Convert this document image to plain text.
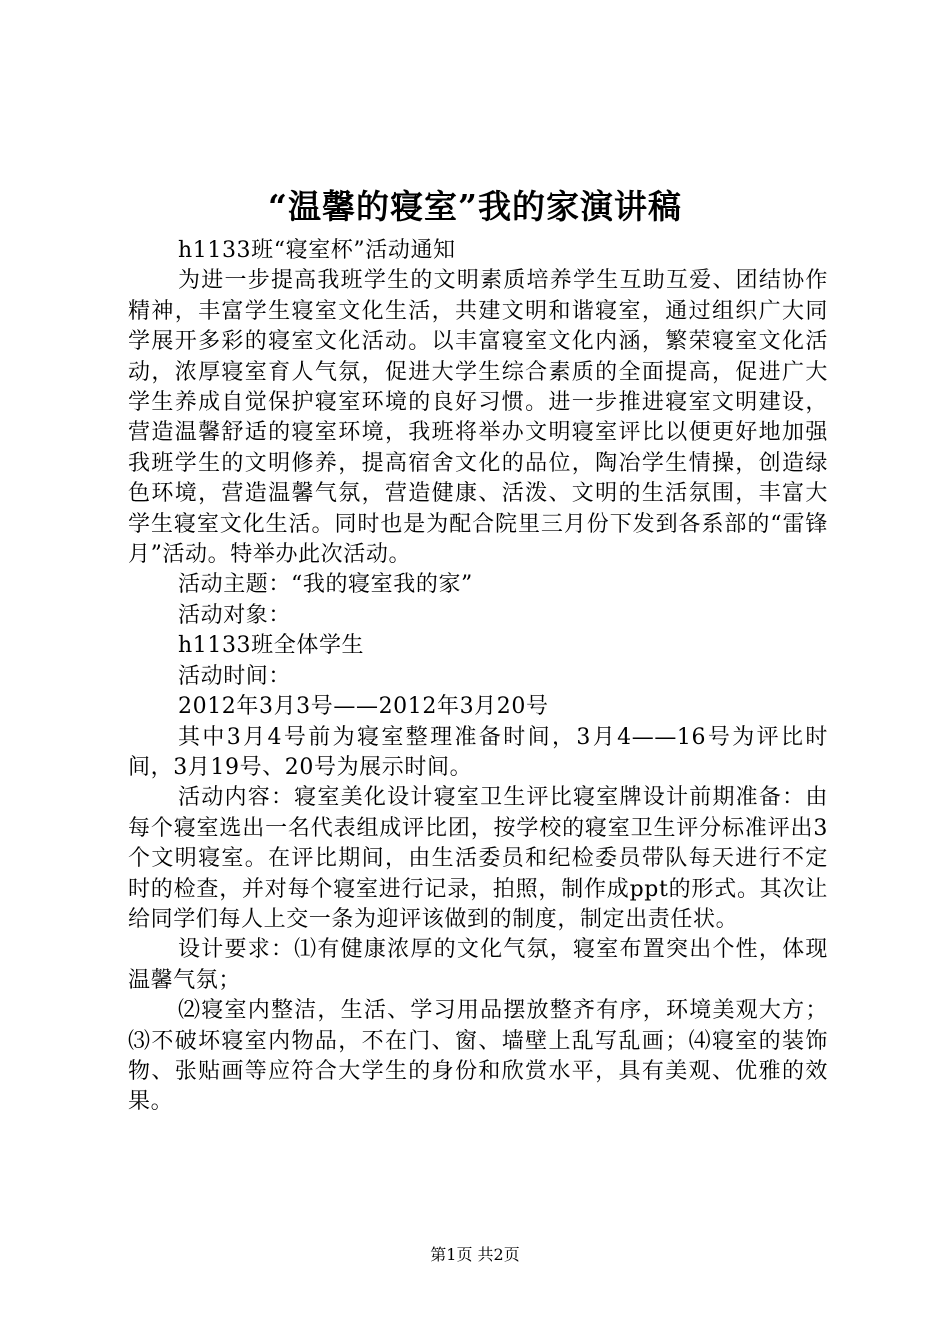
“温馨的寝室”我的家演讲稿

h1133班“寝室杯”活动通知

为进一步提高我班学生的文明素质培养学生互助互爱、团结协作精神，丰富学生寝室文化生活，共建文明和谐寝室，通过组织广大同学展开多彩的寝室文化活动。以丰富寝室文化内涵，繁荣寝室文化活动，浓厚寝室育人气氛，促进大学生综合素质的全面提高，促进广大学生养成自觉保护寝室环境的良好习惯。进一步推进寝室文明建设，营造温馨舒适的寝室环境，我班将举办文明寝室评比以便更好地加强我班学生的文明修养，提高宿舍文化的品位，陶冶学生情操，创造绿色环境，营造温馨气氛，营造健康、活泼、文明的生活氛围，丰富大学生寝室文化生活。同时也是为配合院里三月份下发到各系部的“雷锋月”活动。特举办此次活动。

活动主题：“我的寝室我的家”

活动对象：

h1133班全体学生

活动时间：

2012年3月3号——2012年3月20号

其中3月4号前为寝室整理准备时间，3月4——16号为评比时间，3月19号、20号为展示时间。

活动内容：寝室美化设计寝室卫生评比寝室牌设计前期准备：由每个寝室选出一名代表组成评比团，按学校的寝室卫生评分标准评出3个文明寝室。在评比期间，由生活委员和纪检委员带队每天进行不定时的检查，并对每个寝室进行记录，拍照，制作成ppt的形式。其次让给同学们每人上交一条为迎评该做到的制度，制定出责任状。

设计要求：⑴有健康浓厚的文化气氛，寝室布置突出个性，体现温馨气氛；

⑵寝室内整洁，生活、学习用品摆放整齐有序，环境美观大方；⑶不破坏寝室内物品，不在门、窗、墙壁上乱写乱画；⑷寝室的装饰物、张贴画等应符合大学生的身份和欣赏水平，具有美观、优雅的效果。

第1页 共2页
